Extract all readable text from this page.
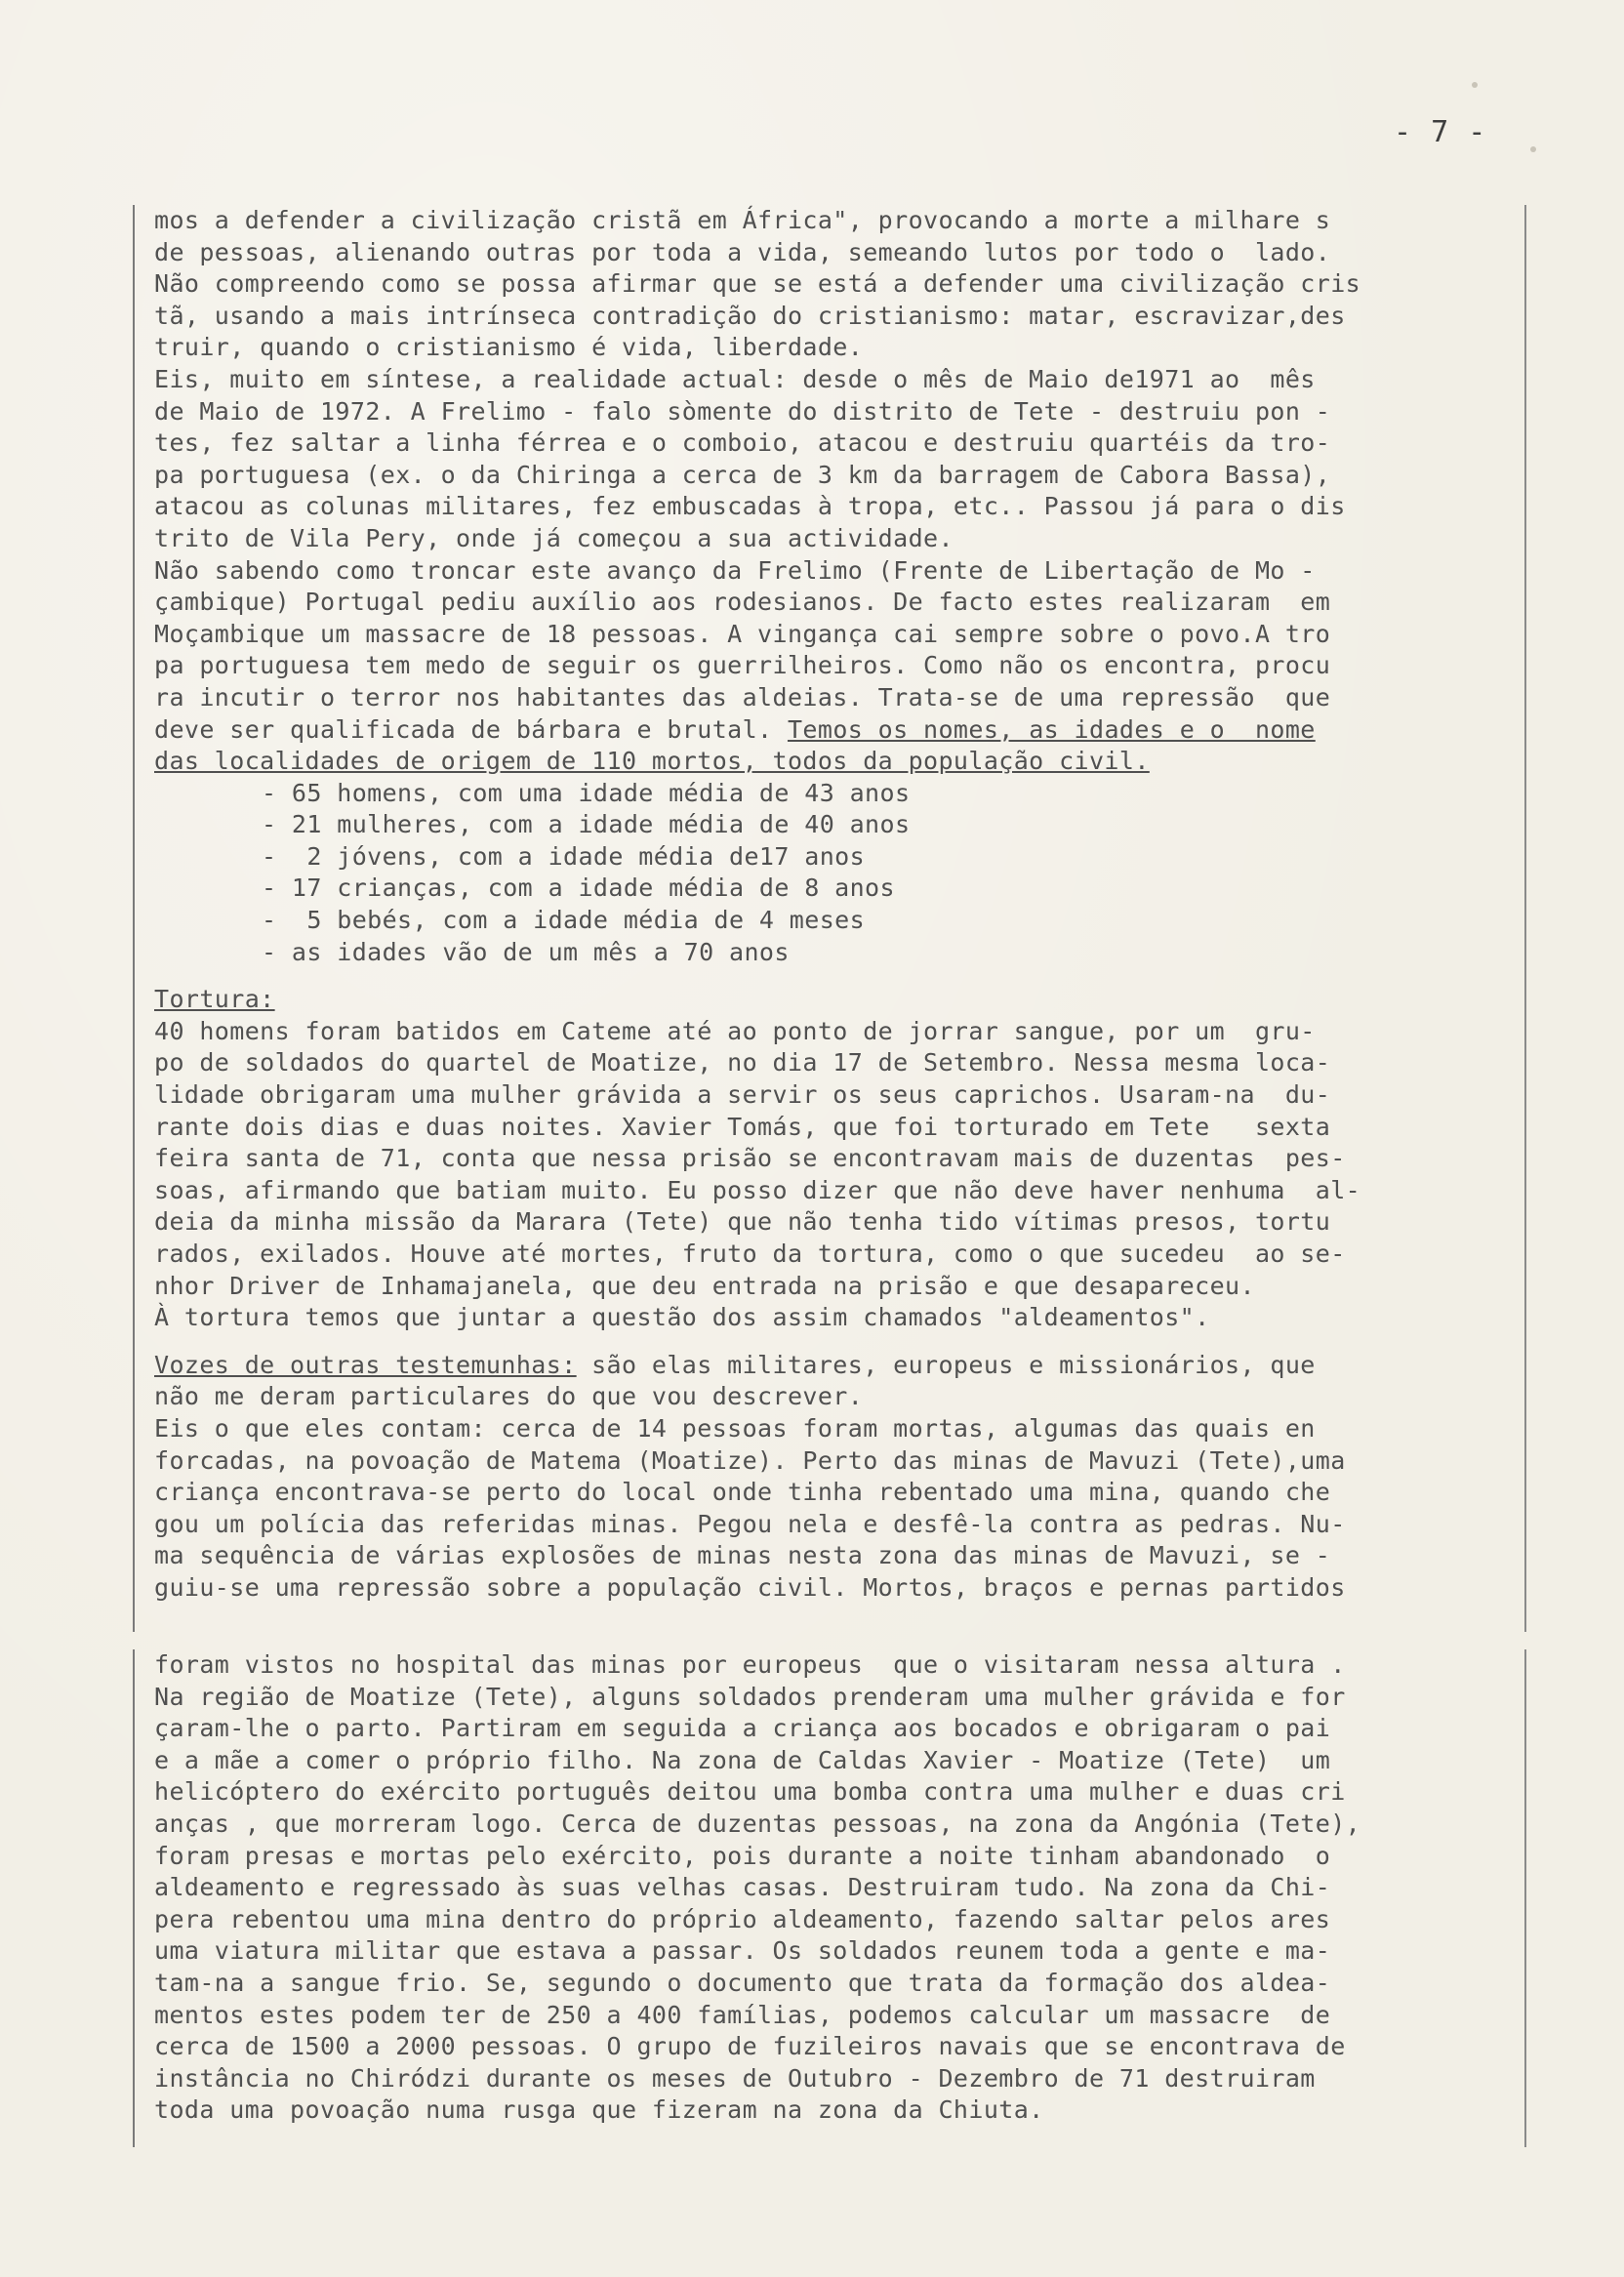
- 7 -
mos a defender a civilização cristã em África", provocando a morte a milhare s
de pessoas, alienando outras por toda a vida, semeando lutos por todo o  lado.
Não compreendo como se possa afirmar que se está a defender uma civilização cris
tã, usando a mais intrínseca contradição do cristianismo: matar, escravizar,des
truir, quando o cristianismo é vida, liberdade.
Eis, muito em síntese, a realidade actual: desde o mês de Maio de1971 ao  mês
de Maio de 1972. A Frelimo - falo sòmente do distrito de Tete - destruiu pon -
tes, fez saltar a linha férrea e o comboio, atacou e destruiu quartéis da tro-
pa portuguesa (ex. o da Chiringa a cerca de 3 km da barragem de Cabora Bassa),
atacou as colunas militares, fez embuscadas à tropa, etc.. Passou já para o dis
trito de Vila Pery, onde já começou a sua actividade.
Não sabendo como troncar este avanço da Frelimo (Frente de Libertação de Mo -
çambique) Portugal pediu auxílio aos rodesianos. De facto estes realizaram  em
Moçambique um massacre de 18 pessoas. A vingança cai sempre sobre o povo.A tro
pa portuguesa tem medo de seguir os guerrilheiros. Como não os encontra, procu
ra incutir o terror nos habitantes das aldeias. Trata-se de uma repressão  que
deve ser qualificada de bárbara e brutal. Temos os nomes, as idades e o  nome
das localidades de origem de 110 mortos, todos da população civil.
- 65 homens, com uma idade média de 43 anos
- 21 mulheres, com a idade média de 40 anos
-  2 jóvens, com a idade média de17 anos
- 17 crianças, com a idade média de 8 anos
-  5 bebés, com a idade média de 4 meses
- as idades vão de um mês a 70 anos
Tortura:
40 homens foram batidos em Cateme até ao ponto de jorrar sangue, por um  gru-
po de soldados do quartel de Moatize, no dia 17 de Setembro. Nessa mesma loca-
lidade obrigaram uma mulher grávida a servir os seus caprichos. Usaram-na  du-
rante dois dias e duas noites. Xavier Tomás, que foi torturado em Tete   sexta
feira santa de 71, conta que nessa prisão se encontravam mais de duzentas  pes-
soas, afirmando que batiam muito. Eu posso dizer que não deve haver nenhuma  al-
deia da minha missão da Marara (Tete) que não tenha tido vítimas presos, tortu
rados, exilados. Houve até mortes, fruto da tortura, como o que sucedeu  ao se-
nhor Driver de Inhamajanela, que deu entrada na prisão e que desapareceu.
À tortura temos que juntar a questão dos assim chamados "aldeamentos".
Vozes de outras testemunhas: são elas militares, europeus e missionários, que
não me deram particulares do que vou descrever.
Eis o que eles contam: cerca de 14 pessoas foram mortas, algumas das quais en
forcadas, na povoação de Matema (Moatize). Perto das minas de Mavuzi (Tete),uma
criança encontrava-se perto do local onde tinha rebentado uma mina, quando che
gou um polícia das referidas minas. Pegou nela e desfê-la contra as pedras. Nu-
ma sequência de várias explosões de minas nesta zona das minas de Mavuzi, se -
guiu-se uma repressão sobre a população civil. Mortos, braços e pernas partidos
foram vistos no hospital das minas por europeus  que o visitaram nessa altura .
Na região de Moatize (Tete), alguns soldados prenderam uma mulher grávida e for
çaram-lhe o parto. Partiram em seguida a criança aos bocados e obrigaram o pai
e a mãe a comer o próprio filho. Na zona de Caldas Xavier - Moatize (Tete)  um
helicóptero do exército português deitou uma bomba contra uma mulher e duas cri
anças , que morreram logo. Cerca de duzentas pessoas, na zona da Angónia (Tete),
foram presas e mortas pelo exército, pois durante a noite tinham abandonado  o
aldeamento e regressado às suas velhas casas. Destruiram tudo. Na zona da Chi-
pera rebentou uma mina dentro do próprio aldeamento, fazendo saltar pelos ares
uma viatura militar que estava a passar. Os soldados reunem toda a gente e ma-
tam-na a sangue frio. Se, segundo o documento que trata da formação dos aldea-
mentos estes podem ter de 250 a 400 famílias, podemos calcular um massacre  de
cerca de 1500 a 2000 pessoas. O grupo de fuzileiros navais que se encontrava de
instância no Chiródzi durante os meses de Outubro - Dezembro de 71 destruiram
toda uma povoação numa rusga que fizeram na zona da Chiuta.
